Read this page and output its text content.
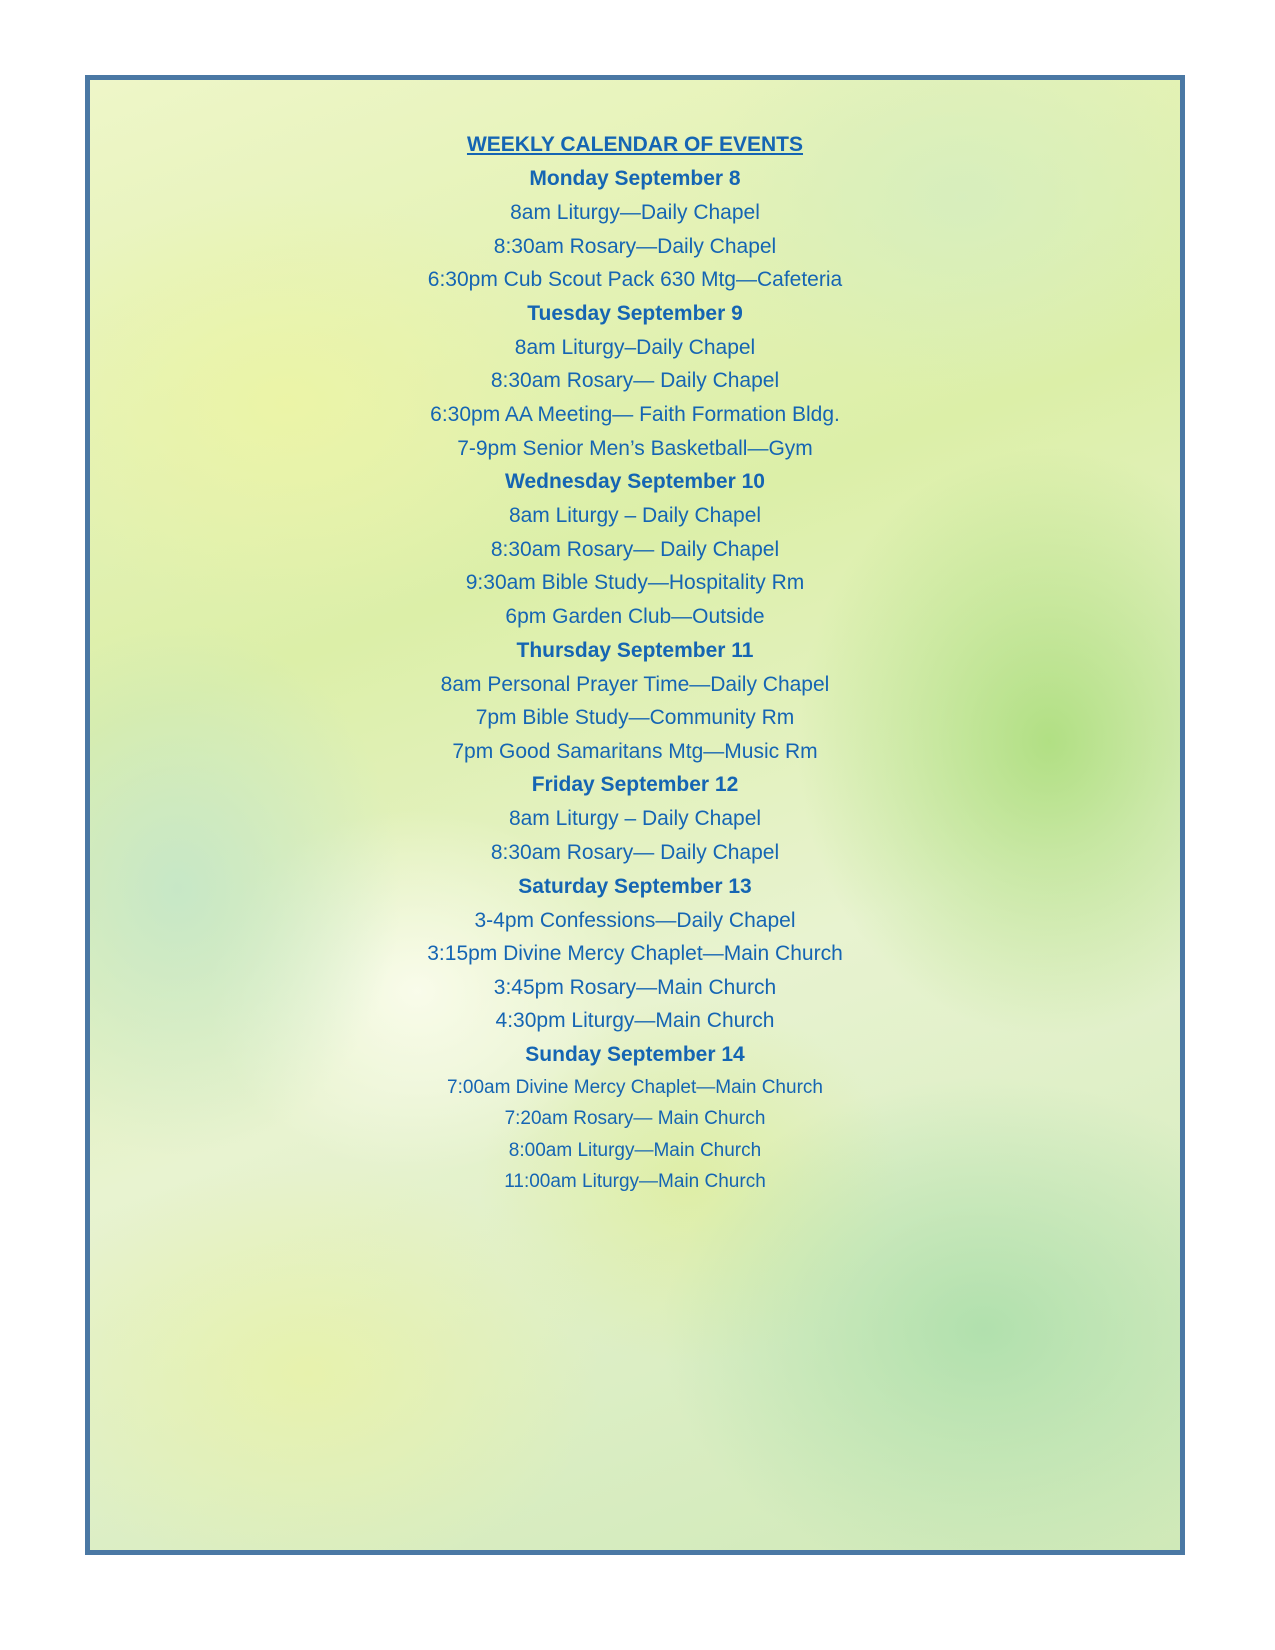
WEEKLY CALENDAR OF EVENTS

Monday September 8

8am Liturgy—Daily Chapel

8:30am Rosary—Daily Chapel

6:30pm Cub Scout Pack 630 Mtg—Cafeteria

Tuesday September 9

8am Liturgy–Daily Chapel

8:30am Rosary— Daily Chapel

6:30pm AA Meeting— Faith Formation Bldg.

7-9pm Senior Men’s Basketball—Gym

Wednesday September 10

8am Liturgy – Daily Chapel

8:30am Rosary— Daily Chapel

9:30am Bible Study—Hospitality Rm

6pm Garden Club—Outside

Thursday September 11

8am Personal Prayer Time—Daily Chapel

7pm Bible Study—Community Rm

7pm Good Samaritans Mtg—Music Rm

Friday September 12

8am Liturgy – Daily Chapel

8:30am Rosary— Daily Chapel

Saturday September 13

3-4pm Confessions—Daily Chapel

3:15pm Divine Mercy Chaplet—Main Church

3:45pm Rosary—Main Church

4:30pm Liturgy—Main Church

Sunday September 14

7:00am Divine Mercy Chaplet—Main Church

7:20am Rosary— Main Church

8:00am Liturgy—Main Church

11:00am Liturgy—Main Church
